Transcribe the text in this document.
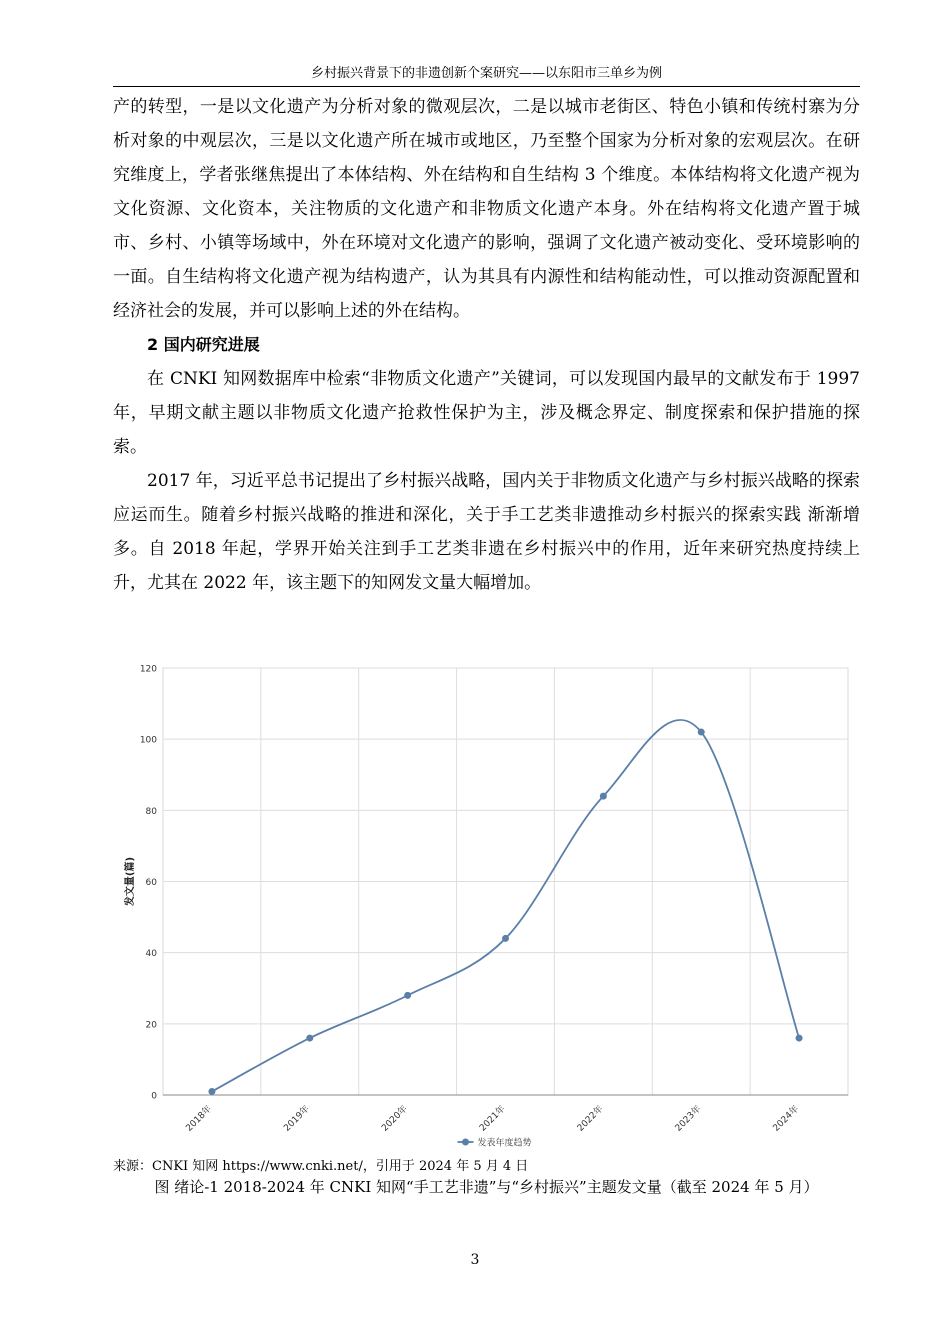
乡村振兴背景下的非遗创新个案研究——以东阳市三单乡为例

产的转型，一是以文化遗产为分析对象的微观层次，二是以城市老街区、特色小镇和传统村寨为分析对象的中观层次，三是以文化遗产所在城市或地区，乃至整个国家为分析对象的宏观层次。在研究维度上，学者张继焦提出了本体结构、外在结构和自生结构 3 个维度。本体结构将文化遗产视为文化资源、文化资本，关注物质的文化遗产和非物质文化遗产本身。外在结构将文化遗产置于城市、乡村、小镇等场域中，外在环境对文化遗产的影响，强调了文化遗产被动变化、受环境影响的一面。自生结构将文化遗产视为结构遗产，认为其具有内源性和结构能动性，可以推动资源配置和经济社会的发展，并可以影响上述的外在结构。

2 国内研究进展

在 CNKI 知网数据库中检索“非物质文化遗产”关键词，可以发现国内最早的文献发布于 1997 年，早期文献主题以非物质文化遗产抢救性保护为主，涉及概念界定、制度探索和保护措施的探索。

2017 年，习近平总书记提出了乡村振兴战略，国内关于非物质文化遗产与乡村振兴战略的探索应运而生。随着乡村振兴战略的推进和深化，关于手工艺类非遗推动乡村振兴的探索实践 渐渐增多。自 2018 年起，学界开始关注到手工艺类非遗在乡村振兴中的作用，近年来研究热度持续上升，尤其在 2022 年，该主题下的知网发文量大幅增加。

0
20
40
60
80
100
120
2018年	2019年	2020年	2021年	2022年	2023年	2024年
发文量(篇)
发表年度趋势
来源：CNKI 知网 https://www.cnki.net/，引用于 2024 年 5 月 4 日
图 绪论-1 2018-2024 年 CNKI 知网“手工艺非遗”与“乡村振兴”主题发文量（截至 2024 年 5 月）
3
